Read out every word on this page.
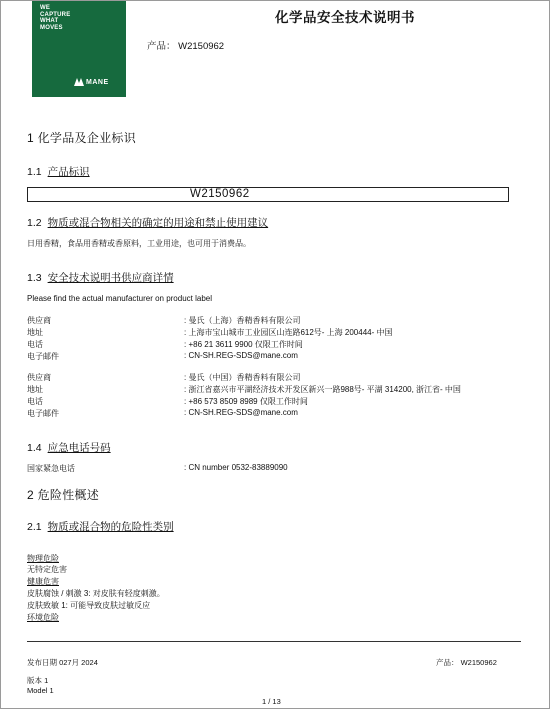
WE
CAPTURE
WHAT
MOVES
MANE
化学品安全技术说明书
产品： W2150962
1 化学品及企业标识
1.1 产品标识
W2150962
1.2 物质或混合物相关的确定的用途和禁止使用建议
日用香精，食品用香精或香原料，工业用途，也可用于消费品。
1.3 安全技术说明书供应商详情
Please find the actual manufacturer on product label
供应商	: 曼氏（上海）香精香料有限公司
地址	: 上海市宝山城市工业园区山连路612号- 上海 200444- 中国
电话	: +86 21 3611 9900 仅限工作时间
电子邮件	: CN-SH.REG-SDS@mane.com
供应商	: 曼氏（中国）香精香料有限公司
地址	: 浙江省嘉兴市平湖经济技术开发区新兴一路988号- 平湖 314200, 浙江省- 中国
电话	: +86 573 8509 8989 仅限工作时间
电子邮件	: CN-SH.REG-SDS@mane.com
1.4 应急电话号码
国家紧急电话	: CN number 0532-83889090
2 危险性概述
2.1 物质或混合物的危险性类别
物理危险
无特定危害
健康危害
皮肤腐蚀 / 刺激 3: 对皮肤有轻度刺激。
皮肤致敏 1: 可能导致皮肤过敏反应
环境危险
发布日期 027月 2024	产品： W2150962
版本 1
Model 1
1 / 13
